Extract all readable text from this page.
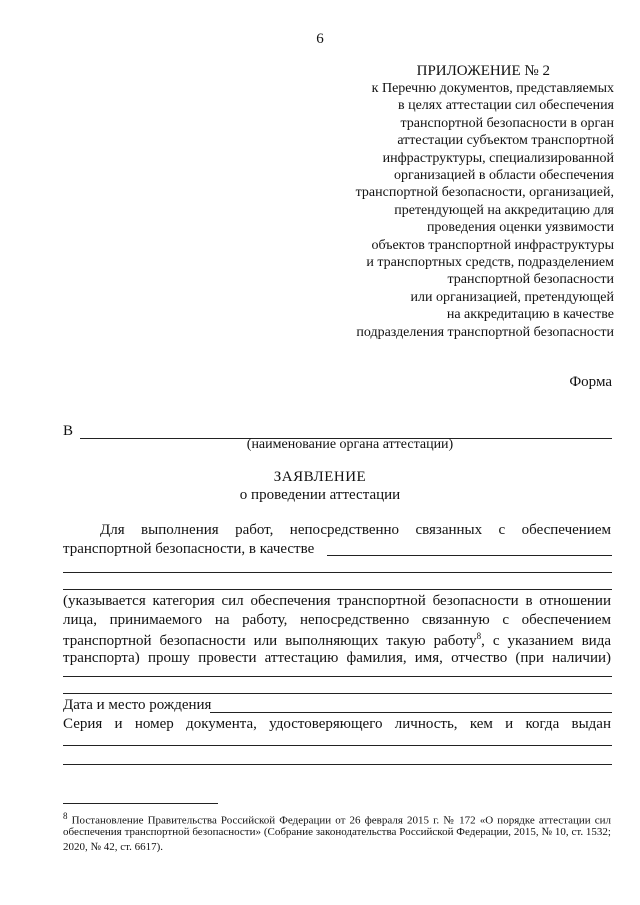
6
ПРИЛОЖЕНИЕ № 2
к Перечню документов, представляемых
в целях аттестации сил обеспечения
транспортной безопасности в орган
аттестации субъектом транспортной
инфраструктуры, специализированной
организацией в области обеспечения
транспортной безопасности, организацией,
претендующей на аккредитацию для
проведения оценки уязвимости
объектов транспортной инфраструктуры
и транспортных средств, подразделением
транспортной безопасности
или организацией, претендующей
на аккредитацию в качестве
подразделения транспортной безопасности
Форма
В
(наименование органа аттестации)
ЗАЯВЛЕНИЕ
о проведении аттестации
Для выполнения работ, непосредственно связанных с обеспечением
транспортной безопасности, в качестве
(указывается категория сил обеспечения транспортной безопасности в отношении
лица, принимаемого на работу, непосредственно связанную с обеспечением
транспортной безопасности или выполняющих такую работу$^8$, с указанием вида
транспорта) прошу провести аттестацию фамилия, имя, отчество (при наличии)
Дата и место рождения
Серия и номер документа, удостоверяющего личность, кем и когда выдан
$^8$ Постановление Правительства Российской Федерации от 26 февраля 2015 г. № 172 «О порядке аттестации сил
обеспечения транспортной безопасности» (Собрание законодательства Российской Федерации, 2015, № 10, ст. 1532;
2020, № 42, ст. 6617).
